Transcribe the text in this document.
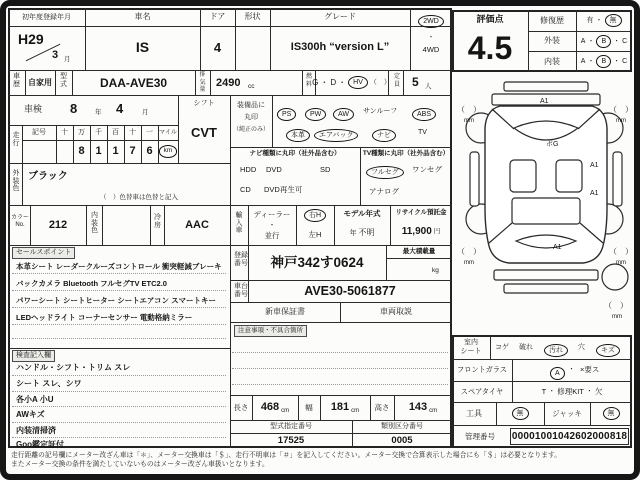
初年度登録年月
H29
3 月
車名
IS
ドア
4
形状	グレード
IS300h “version L”
2WD
・
4WD
車歴	自家用
型式	DAA-AVE30
排気量
2490 cc
燃料 G ・ D ・	HV	（　）
定員 5 人
車検 8	年 4	月
走行
記号	十	万	千	百	十	一	マイル
8 1 1 7 6	km
シフト
CVT
装備品に
丸印
（純正のみ）
PS	PW	AW	サンルーフ	ABS
本革	エアバック	ナビ	TV
ナビ種類に丸印（社外品含む）
HDD DVD	SD
CD DVD再生可
TV種類に丸印（社外品含む）
フルセグ	ワンセグ
アナログ
外装色
ブラック
（　）色替車は色替と記入
カラーNo.	212
内装色
冷房	AAC
輸入車
ディーラー
・
並行
右H
左H
モデル年式
年 不明
リサイクル預託金
11,900 円
セールスポイント
本革シート レーダークルーズコントロール 衝突軽減ブレーキ
バックカメラ Bluetooth フルセグTV ETC2.0
パワーシート シートヒーター シートエアコン スマートキー
LEDヘッドライト コーナーセンサー 電動格納ミラー
登録番号	神戸342す0624
最大積載量
kg
車台番号	AVE30-5061877
新車保証書	車両取説
注意事項・不具合箇所
検査記入欄
ハンドル・シフト・トリム スレ
シート スレ、シワ
各小A 小U
AWキズ
内装清掃済
Goo鑑定証付
長さ	468 cm	幅	181 cm	高さ	143 cm
型式指定番号
17525
類別区分番号
0005
評価点
4.5
修復歴	有 ・	無
外装	A ・	B	・ C
内装	A ・	B	・ C
A1
ボG
A1
A1
A1
（　）
mm
（　）
mm
（　）
mm
（　）
mm
（　）
mm
室内
シート
コゲ 破れ	汚れ	穴	キズ
フロントガラス	A
・ ×要ス
スペアタイヤ	T ・ 修理KIT ・ 欠
工具	無	ジャッキ	無
管理番号	00001001042602000818
走行距離の記号欄にメーター改ざん車は「＊」、メーター交換車は「＄」、走行不明車は「＃」を記入してください。メーター交換で合算表示した場合にも「＄」は必要となります。
またメーター交換の条件を満たしていないものはメーター改ざん車扱いとなります。
